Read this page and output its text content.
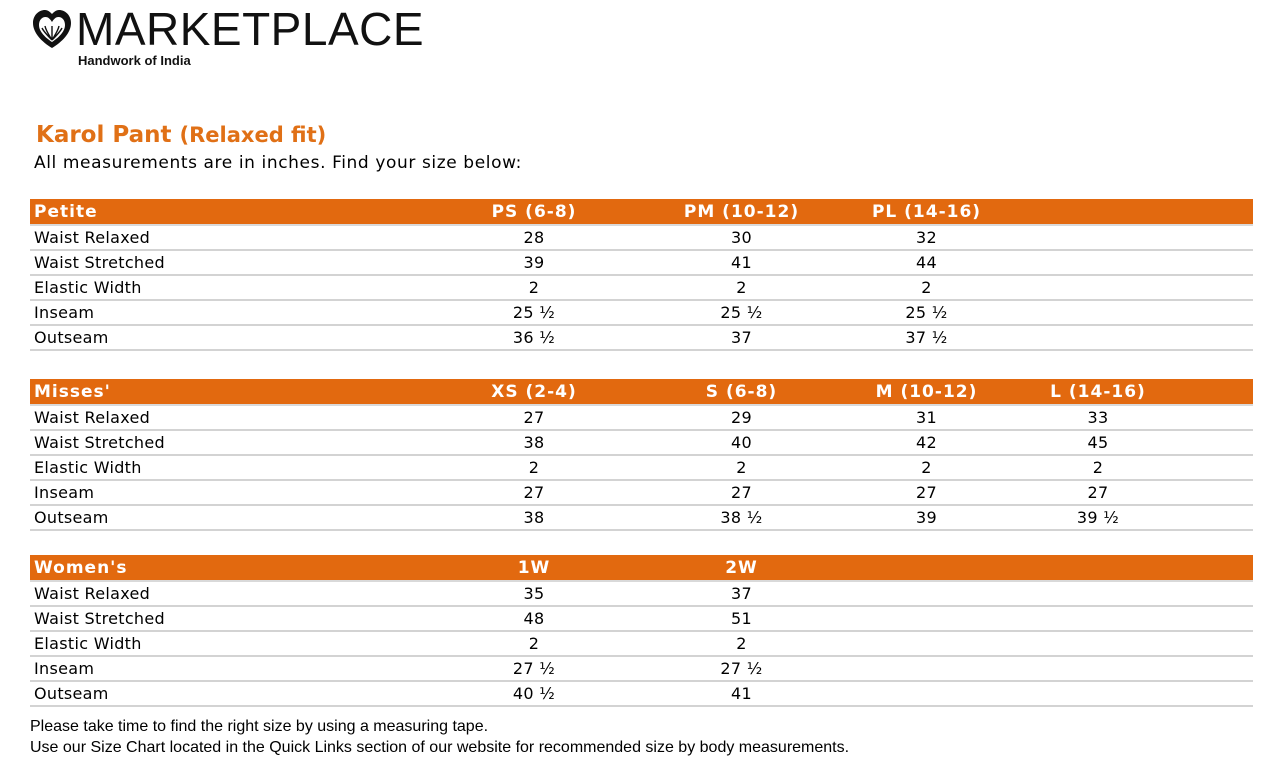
MARKETPLACE
Handwork of India
Karol Pant (Relaxed fit)

All measurements are in inches. Find your size below:

Petite	PS (6-8)	PM (10-12)	PL (14-16)		
Waist Relaxed	28	30	32		
Waist Stretched	39	41	44		
Elastic Width	2	2	2		
Inseam	25 ½	25 ½	25 ½		
Outseam	36 ½	37	37 ½		
Misses'	XS (2-4)	S (6-8)	M (10-12)	L (14-16)	
Waist Relaxed	27	29	31	33	
Waist Stretched	38	40	42	45	
Elastic Width	2	2	2	2	
Inseam	27	27	27	27	
Outseam	38	38 ½	39	39 ½	
Women's	1W	2W			
Waist Relaxed	35	37			
Waist Stretched	48	51			
Elastic Width	2	2			
Inseam	27 ½	27 ½			
Outseam	40 ½	41			

Please take time to find the right size by using a measuring tape.

Use our Size Chart located in the Quick Links section of our website for recommended size by body measurements.
